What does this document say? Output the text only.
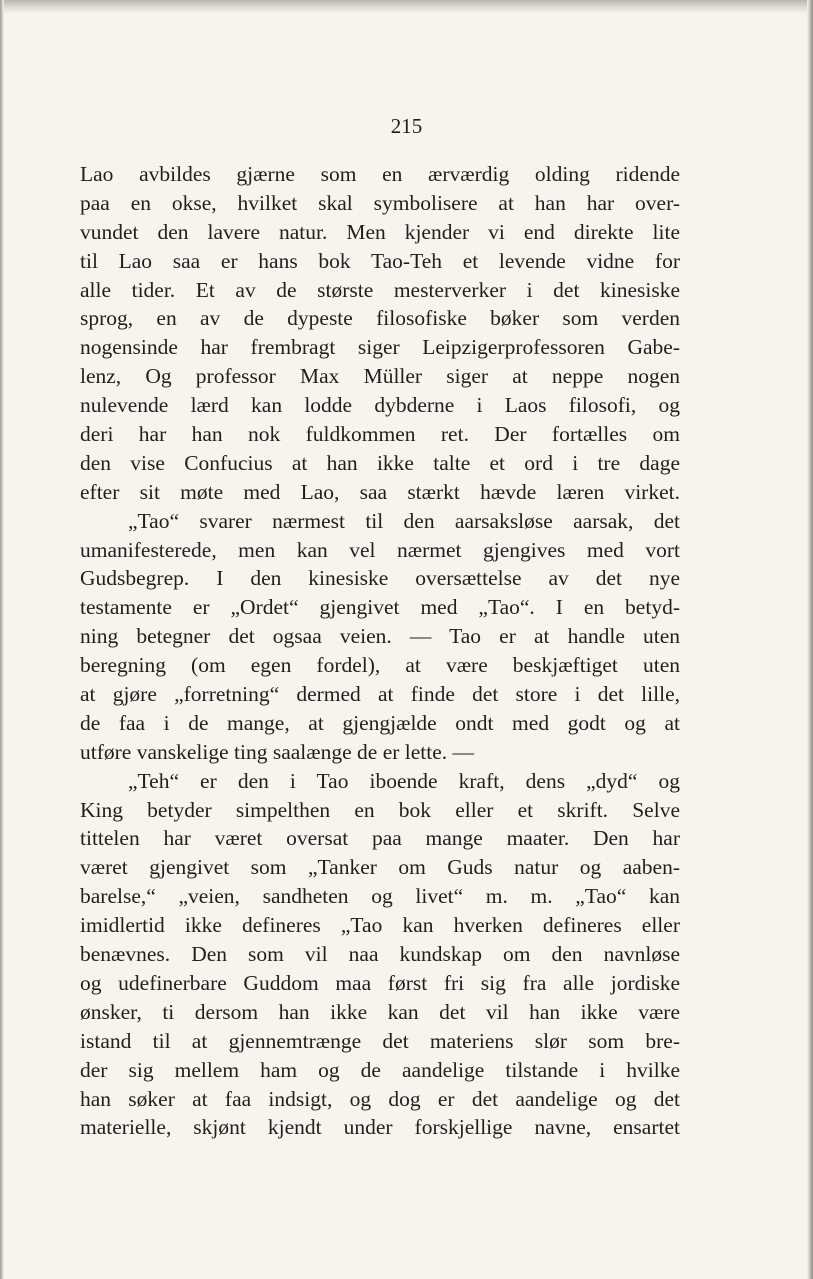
215

Lao avbildes gjærne som en ærværdig olding ridende
paa en okse, hvilket skal symbolisere at han har over-
vundet den lavere natur. Men kjender vi end direkte lite
til Lao saa er hans bok Tao-Teh et levende vidne for
alle tider. Et av de største mesterverker i det kinesiske
sprog, en av de dypeste filosofiske bøker som verden
nogensinde har frembragt siger Leipzigerprofessoren Gabe-
lenz, Og professor Max Müller siger at neppe nogen
nulevende lærd kan lodde dybderne i Laos filosofi, og
deri har han nok fuldkommen ret. Der fortælles om
den vise Confucius at han ikke talte et ord i tre dage
efter sit møte med Lao, saa stærkt hævde læren virket.
„Tao“ svarer nærmest til den aarsaksløse aarsak, det
umanifesterede, men kan vel nærmet gjengives med vort
Gudsbegrep. I den kinesiske oversættelse av det nye
testamente er „Ordet“ gjengivet med „Tao“. I en betyd-
ning betegner det ogsaa veien. — Tao er at handle uten
beregning (om egen fordel), at være beskjæftiget uten
at gjøre „forretning“ dermed at finde det store i det lille,
de faa i de mange, at gjengjælde ondt med godt og at
utføre vanskelige ting saalænge de er lette. —
„Teh“ er den i Tao iboende kraft, dens „dyd“ og
King betyder simpelthen en bok eller et skrift. Selve
tittelen har været oversat paa mange maater. Den har
været gjengivet som „Tanker om Guds natur og aaben-
barelse,“ „veien, sandheten og livet“ m. m. „Tao“ kan
imidlertid ikke defineres „Tao kan hverken defineres eller
benævnes. Den som vil naa kundskap om den navnløse
og udefinerbare Guddom maa først fri sig fra alle jordiske
ønsker, ti dersom han ikke kan det vil han ikke være
istand til at gjennemtrænge det materiens slør som bre-
der sig mellem ham og de aandelige tilstande i hvilke
han søker at faa indsigt, og dog er det aandelige og det
materielle, skjønt kjendt under forskjellige navne, ensartet
